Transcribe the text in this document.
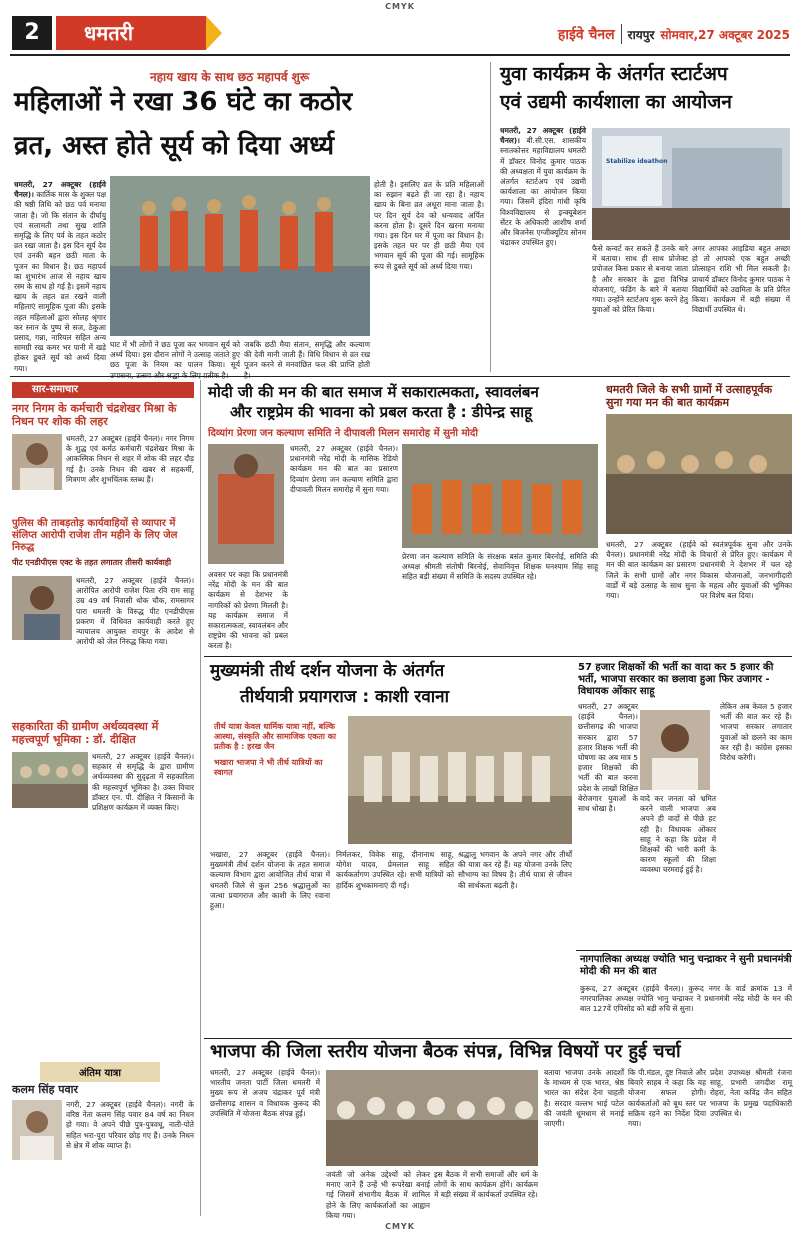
CMYK
2	धमतरी	हाईवे चैनल रायपुर सोमवार,27 अक्टूबर 2025
नहाय खाय के साथ छठ महापर्व शुरू
महिलाओं ने रखा 36 घंटे का कठोर
व्रत, अस्त होते सूर्य को दिया अर्ध्य
धमतरी, 27 अक्टूबर (हाईवे चैनल)। कार्तिक मास के शुक्ल पक्ष की षष्ठी तिथि को छठ पर्व मनाया जाता है। जो कि संतान के दीर्घायु एवं सलामती तथा सुख शांति समृद्धि के लिए पर्व के तहत कठोर व्रत रखा जाता है। इस दिन सूर्य देव एवं उनकी बहन छठी माता के पूजन का विधान है। छठ महापर्व का शुभारंभ आज से नहाय खाय रस्म के साथ हो गई है। इसमें नहाय खाय के तहत व्रत रखने वाली महिलाएं सामूहिक पूजा की। इसके तहत महिलाओं द्वारा सोलह श्रृंगार कर स्नान के पुष्प से सज, ठेकुआ प्रसाद, गन्ना, नारियल सहित अन्य सामग्री रख कमर भर पानी में खड़े होकर डूबते सूर्य को अर्ध्य दिया गया।
घाट में भी लोगों ने छठ पूजा कर भगवान सूर्य को अर्ध्य दिया। इस दौरान लोगों ने उत्साह जताते हुए छठ पूजा के नियम का पालन किया। सूर्य
जबकि छठी मैया संतान, समृद्धि और कल्याण की देवी मानी जाती हैं। विधि विधान से व्रत रख पूजन करने से मनवांछित फल की प्राप्ति होती
होती है। इसलिए व्रत के प्रति महिलाओं का रुझान बढ़ते ही जा रहा है। नहाय खाय के बिना व्रत अधूरा माना जाता है। पर दिन सूर्य देव को धन्यवाद अर्पित करना होता है। दूसरे दिन खरना मनाया गया। इस दिन घर में पूजा का विधान है। इसके तहत घर पर ही छठी मैया एवं भगवान सूर्य की पूजा की गई। सामूहिक रूप से डूबते सूर्य को अर्ध्य दिया गया।
युवा कार्यक्रम के अंतर्गत स्टार्टअप
एवं उद्यमी कार्यशाला का आयोजन
धमतरी, 27 अक्टूबर (हाईवे चैनल)। बी.सी.एस. शासकीय स्नातकोत्तर महाविद्यालय धमतरी में डॉक्टर विनोद कुमार पाठक की अध्यक्षता में युवा कार्यक्रम के अंतर्गत स्टार्टअप एवं उद्यमी कार्यशाला का आयोजन किया गया। जिसमें इंदिरा गांधी कृषि विश्वविद्यालय से इन्क्यूबेशन सेंटर के अधिकारी आशीष शर्मा और बिजनेस एग्जीक्यूटिव सोनम चंद्राकर उपस्थित हुए।
Stabilize ideathon
फैसे कन्वर्ट कर सकते हैं उनके बारे में बताया। साथ ही साथ प्रोजेक्ट प्रपोजल किस प्रकार से बनाया जाता है और सरकार के द्वारा विभिन्न योजनाएं, फंडिंग के बारे में बताया गया। उन्होंने स्टार्टअप शुरू करने हेतु युवाओं को प्रेरित किया।
अगर आपका आइडिया बहुत अच्छा हो तो आपको एक बहुत अच्छी प्रोत्साहन राशि भी मिल सकती है। प्राचार्य डॉक्टर विनोद कुमार पाठक ने विद्यार्थियों को उद्यमिता के प्रति प्रेरित किया। कार्यक्रम में बड़ी संख्या में विद्यार्थी उपस्थित थे।
सार-समाचार
नगर निगम के कर्मचारी चंद्रशेखर मिश्रा के निधन पर शोक की लहर
धमतरी, 27 अक्टूबर (हाईवे चैनल)। नगर निगम के शुद्ध एवं कर्मठ कर्मचारी चंद्रशेखर मिश्रा के आकस्मिक निधन से शहर में शोक की लहर दौड़ गई है। उनके निधन की खबर से सहकर्मी, मित्रगण और शुभचिंतक स्तब्ध हैं।
पुलिस की ताबड़तोड़ कार्यवाहियों से व्यापार में संलिप्त आरोपी राजेश तीन महीने के लिए जेल निरुद्ध
पीट एनडीपीएस एक्ट के तहत लगातार तीसरी कार्यवाही
धमतरी, 27 अक्टूबर (हाईवे चैनल)। आरोपित आरोपी राजेश पिता रवि राम साहू उम्र 49 वर्ष निवासी थोक चौक, रामसागर पारा धमतरी के विरुद्ध पीट एनडीपीएस प्रकरण में विधिवत कार्यवाही करते हुए न्यायालय आयुक्त रायपुर के आदेश से आरोपी को जेल निरुद्ध किया गया।
सहकारिता की ग्रामीण अर्थव्यवस्था में महत्त्वपूर्ण भूमिका : डॉ. दीक्षित
धमतरी, 27 अक्टूबर (हाईवे चैनल)। सहकार से समृद्धि के द्वारा ग्रामीण अर्थव्यवस्था की सुदृढ़ता में सहकारिता की महत्त्वपूर्ण भूमिका है। उक्त विचार डॉक्टर एन. पी. दीक्षित ने किसानों के प्रशिक्षण कार्यक्रम में व्यक्त किए।
अंतिम यात्रा
कलम सिंह पवार
नगरी, 27 अक्टूबर (हाईवे चैनल)। नगरी के वरिष्ठ नेता कलम सिंह पवार 84 वर्ष का निधन हो गया। वे अपने पीछे पुत्र-पुत्रवधू, नाती-पोते सहित भरा-पूरा परिवार छोड़ गए हैं। उनके निधन से क्षेत्र में शोक व्याप्त है।
मोदी जी की मन की बात समाज में सकारात्मकता, स्वावलंबन
और राष्ट्रप्रेम की भावना को प्रबल करता है : डीपेन्द्र साहू
दिव्यांग प्रेरणा जन कल्याण समिति ने दीपावली मिलन समारोह में सुनी मोदी
धमतरी, 27 अक्टूबर (हाईवे चैनल)। प्रधानमंत्री नरेंद्र मोदी के मासिक रेडियो कार्यक्रम मन की बात का प्रसारण दिव्यांग प्रेरणा जन कल्याण समिति द्वारा दीपावली मिलन समारोह में सुना गया।
अवसर पर कहा कि प्रधानमंत्री नरेंद्र मोदी के मन की बात कार्यक्रम से देशभर के नागरिकों को प्रेरणा मिलती है। यह कार्यक्रम समाज में सकारात्मकता, स्वावलंबन और राष्ट्रप्रेम की भावना को प्रबल करता है।
प्रेरणा जन कल्याण समिति के संरक्षक बसंत कुमार बिरनोई, समिति की अध्यक्ष श्रीमती संतोषी बिरनोई, सेवानिवृत्त शिक्षक घनश्याम सिंह साहू सहित बड़ी संख्या में समिति के सदस्य उपस्थित रहे।
धमतरी जिले के सभी ग्रामों में उत्साहपूर्वक सुना गया मन की बात कार्यक्रम
धमतरी, 27 अक्टूबर (हाईवे चैनल)। प्रधानमंत्री नरेंद्र मोदी के मन की बात कार्यक्रम का प्रसारण जिले के सभी ग्रामों और नगर वार्डों में बड़े उत्साह के साथ सुना गया।
को स्वतंत्रपूर्वक सुना और उनके विचारों से प्रेरित हुए। कार्यक्रम में प्रधानमंत्री ने देशभर में चल रहे विकास योजनाओं, जनभागीदारी के महत्व और युवाओं की भूमिका पर विशेष बल दिया।
मुख्यमंत्री तीर्थ दर्शन योजना के अंतर्गत
तीर्थयात्री प्रयागराज : काशी रवाना
तीर्थ यात्रा केवल धार्मिक यात्रा नहीं, बल्कि आस्था, संस्कृति और सामाजिक एकता का प्रतीक है : हरख जैन
भखारा भाजपा ने भी तीर्थ यात्रियों का स्वागत
भखारा, 27 अक्टूबर (हाईवे चैनल)। मुख्यमंत्री तीर्थ दर्शन योजना के तहत समाज कल्याण विभाग द्वारा आयोजित तीर्थ यात्रा में धमतरी जिले से कुल 256 श्रद्धालुओं का जत्था प्रयागराज और काशी के लिए रवाना हुआ।
निर्मलकर, विवेक साहू, दीनानाथ साहू, योगेश यादव, प्रेमलाल साहू सहित कार्यकर्तागण उपस्थित रहे। सभी यात्रियों को हार्दिक शुभकामनाएं दी गईं।
श्रद्धालु भगवान के अपने नगर और तीर्थों की यात्रा कर रहे हैं। यह योजना उनके लिए सौभाग्य का विषय है। तीर्थ यात्रा से जीवन की सार्थकता बढ़ती है।
57 हजार शिक्षकों की भर्ती का वादा कर 5 हजार की भर्ती, भाजपा सरकार का छलावा हुआ फिर उजागर - विधायक ओंकार साहू
धमतरी, 27 अक्टूबर (हाईवे चैनल)। छत्तीसगढ़ की भाजपा सरकार द्वारा 57 हजार शिक्षक भर्ती की घोषणा का अब मात्र 5 हजार शिक्षकों की भर्ती की बात करना प्रदेश के लाखों शिक्षित बेरोजगार युवाओं के साथ धोखा है।
वादे कर जनता को भ्रमित करने वाली भाजपा अब अपने ही वादों से पीछे हट रही है। विधायक ओंकार साहू ने कहा कि प्रदेश में शिक्षकों की भारी कमी के कारण स्कूलों की शिक्षा व्यवस्था चरमराई हुई है।
लेकिन अब केवल 5 हजार भर्ती की बात कर रहे हैं। भाजपा सरकार लगातार युवाओं को छलने का काम कर रही है। कांग्रेस इसका विरोध करेगी।
नागपालिका अध्यक्ष ज्योति भानु चन्द्राकर ने सुनी प्रधानमंत्री मोदी की मन की बात
कुरूद, 27 अक्टूबर (हाईवे चैनल)। कुरूद नगर के वार्ड क्रमांक 13 में नगरपालिका अध्यक्ष ज्योति भानु चन्द्राकर ने प्रधानमंत्री नरेंद्र मोदी के मन की बात 127वें एपिसोड को बड़ी रुचि से सुना।
भाजपा की जिला स्तरीय योजना बैठक संपन्न, विभिन्न विषयों पर हुई चर्चा
धमतरी, 27 अक्टूबर (हाईवे चैनल)। भारतीय जनता पार्टी जिला धमतरी में मुख्य रूप से अजय चंद्राकर पूर्व मंत्री छत्तीसगढ़ शासन व विधायक कुरूद की उपस्थिति में योजना बैठक संपन्न हुई।
जयंती जो अनेक उद्देश्यों को लेकर मनाए जाने हैं उन्हें भी रूपरेखा बनाई गई जिसमें संभागीय बैठक में शामिल होने के लिए कार्यकर्ताओं का आह्वान किया गया।
इस बैठक में सभी समाजों और धर्म के लोगों के साथ कार्यक्रम होंगे। कार्यक्रम में बड़ी संख्या में कार्यकर्ता उपस्थित रहे।
बताया भाजपा उनके आदर्शों के माध्यम से एक भारत, श्रेष्ठ भारत का संदेश देना चाहती है। सरदार वल्लभ भाई पटेल की जयंती धूमधाम से मनाई जाएगी।
कि पी.मंडल, दुष्ट निवाले और बिवारे साहब ने कहा कि यह योजना सफल होगी। कार्यकर्ताओं को बूथ स्तर पर सक्रिय रहने का निर्देश दिया गया।
प्रदेश उपाध्यक्ष श्रीमती रंजना साहू, प्रभारी जगदीश रामू रोहरा, नेता कविंद्र जैन सहित भाजपा के प्रमुख पदाधिकारी उपस्थित थे।
CMYK
